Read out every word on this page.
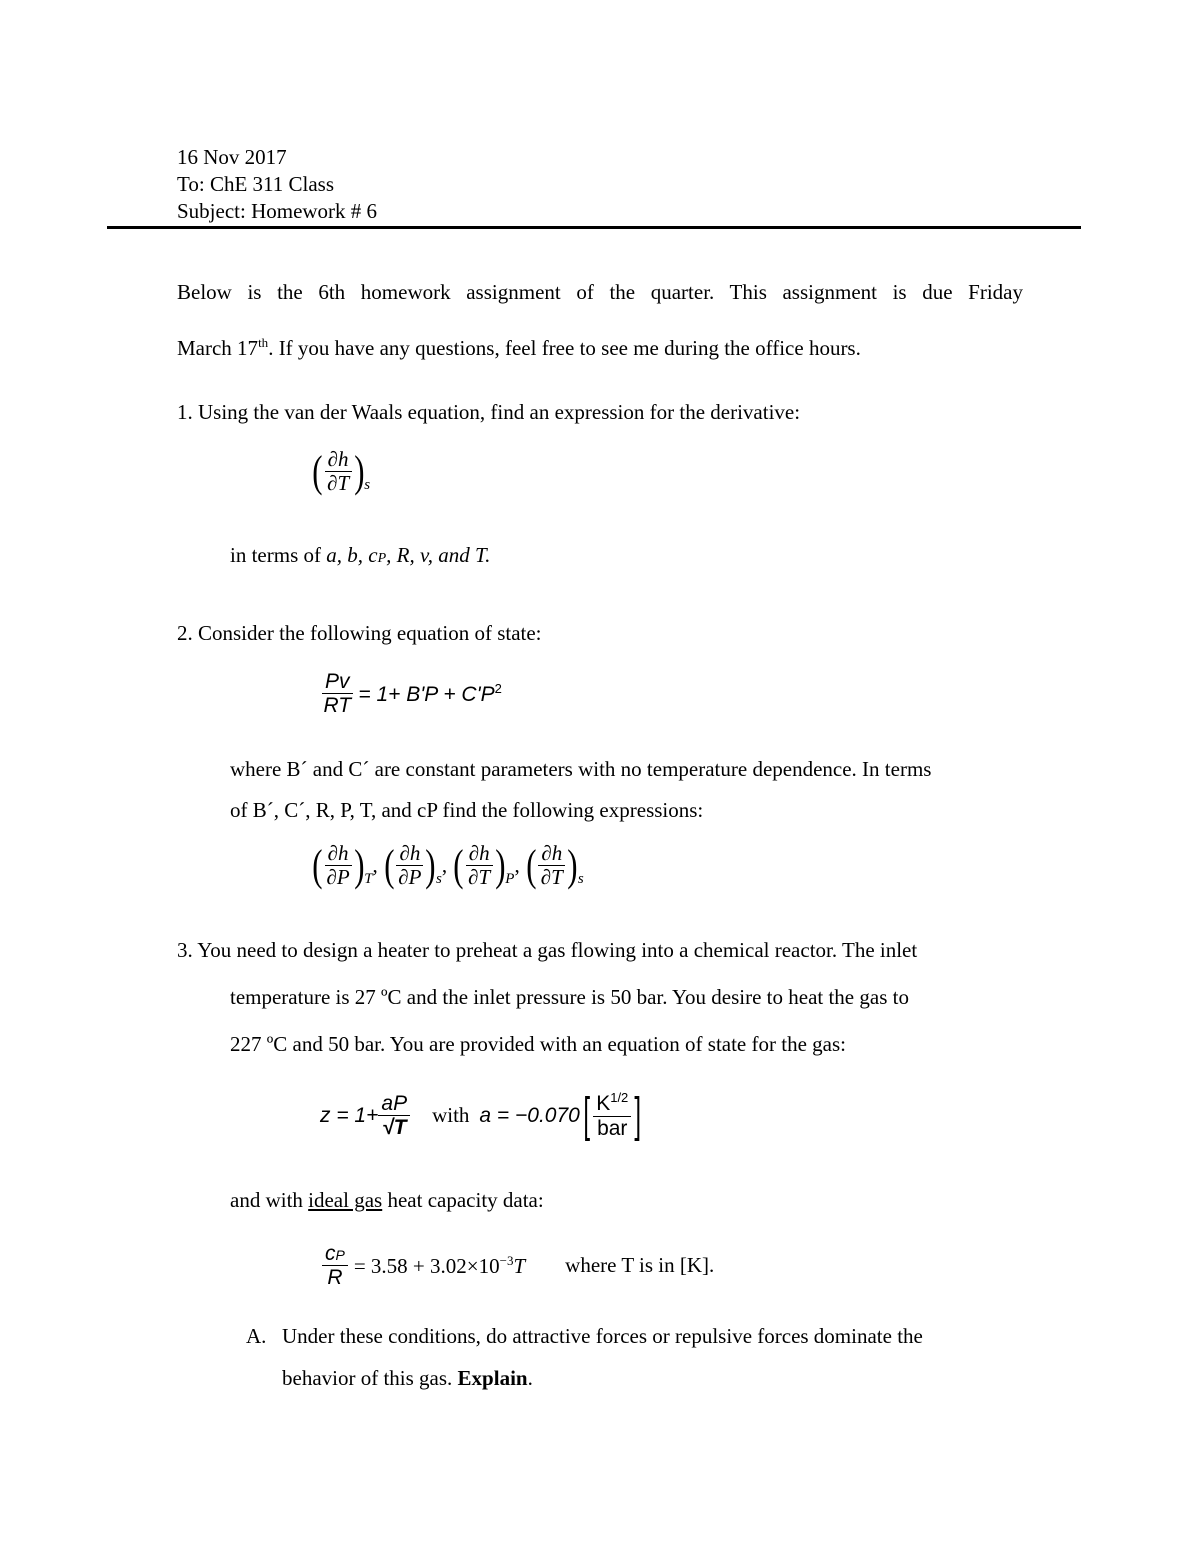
16 Nov 2017
To: ChE 311 Class
Subject: Homework # 6
Below is the 6th homework assignment of the quarter. This assignment is due Friday
March 17th. If you have any questions, feel free to see me during the office hours.
1. Using the van der Waals equation, find an expression for the derivative:
( $\frac{\partial h}{\partial T}$ ) s
in terms of a, b, cP, R, v, and T.
2. Consider the following equation of state:
$\frac{Pv}{RT} = 1+ B'P + C'P^2$
where B´ and C´ are constant parameters with no temperature dependence. In terms
of B´, C´, R, P, T, and cP find the following expressions:
( $\frac{\partial h}{\partial P}$ ) T
, ( $\frac{\partial h}{\partial P}$ ) s
, ( $\frac{\partial h}{\partial T}$ ) P
, ( $\frac{\partial h}{\partial T}$ ) s
3. You need to design a heater to preheat a gas flowing into a chemical reactor. The inlet
temperature is 27 ºC and the inlet pressure is 50 bar. You desire to heat the gas to
227 ºC and 50 bar. You are provided with an equation of state for the gas:
$z = 1+ \frac{aP}{√T}$ with a = −0.070 [ $\frac{K^{1/2}}{\text{bar}}$ ]
and with ideal gas heat capacity data:
$\frac{cP}{R} = 3.58 + 3.02\times 10^{-3}T$ where T is in [K].
A. Under these conditions, do attractive forces or repulsive forces dominate the
behavior of this gas. Explain.
